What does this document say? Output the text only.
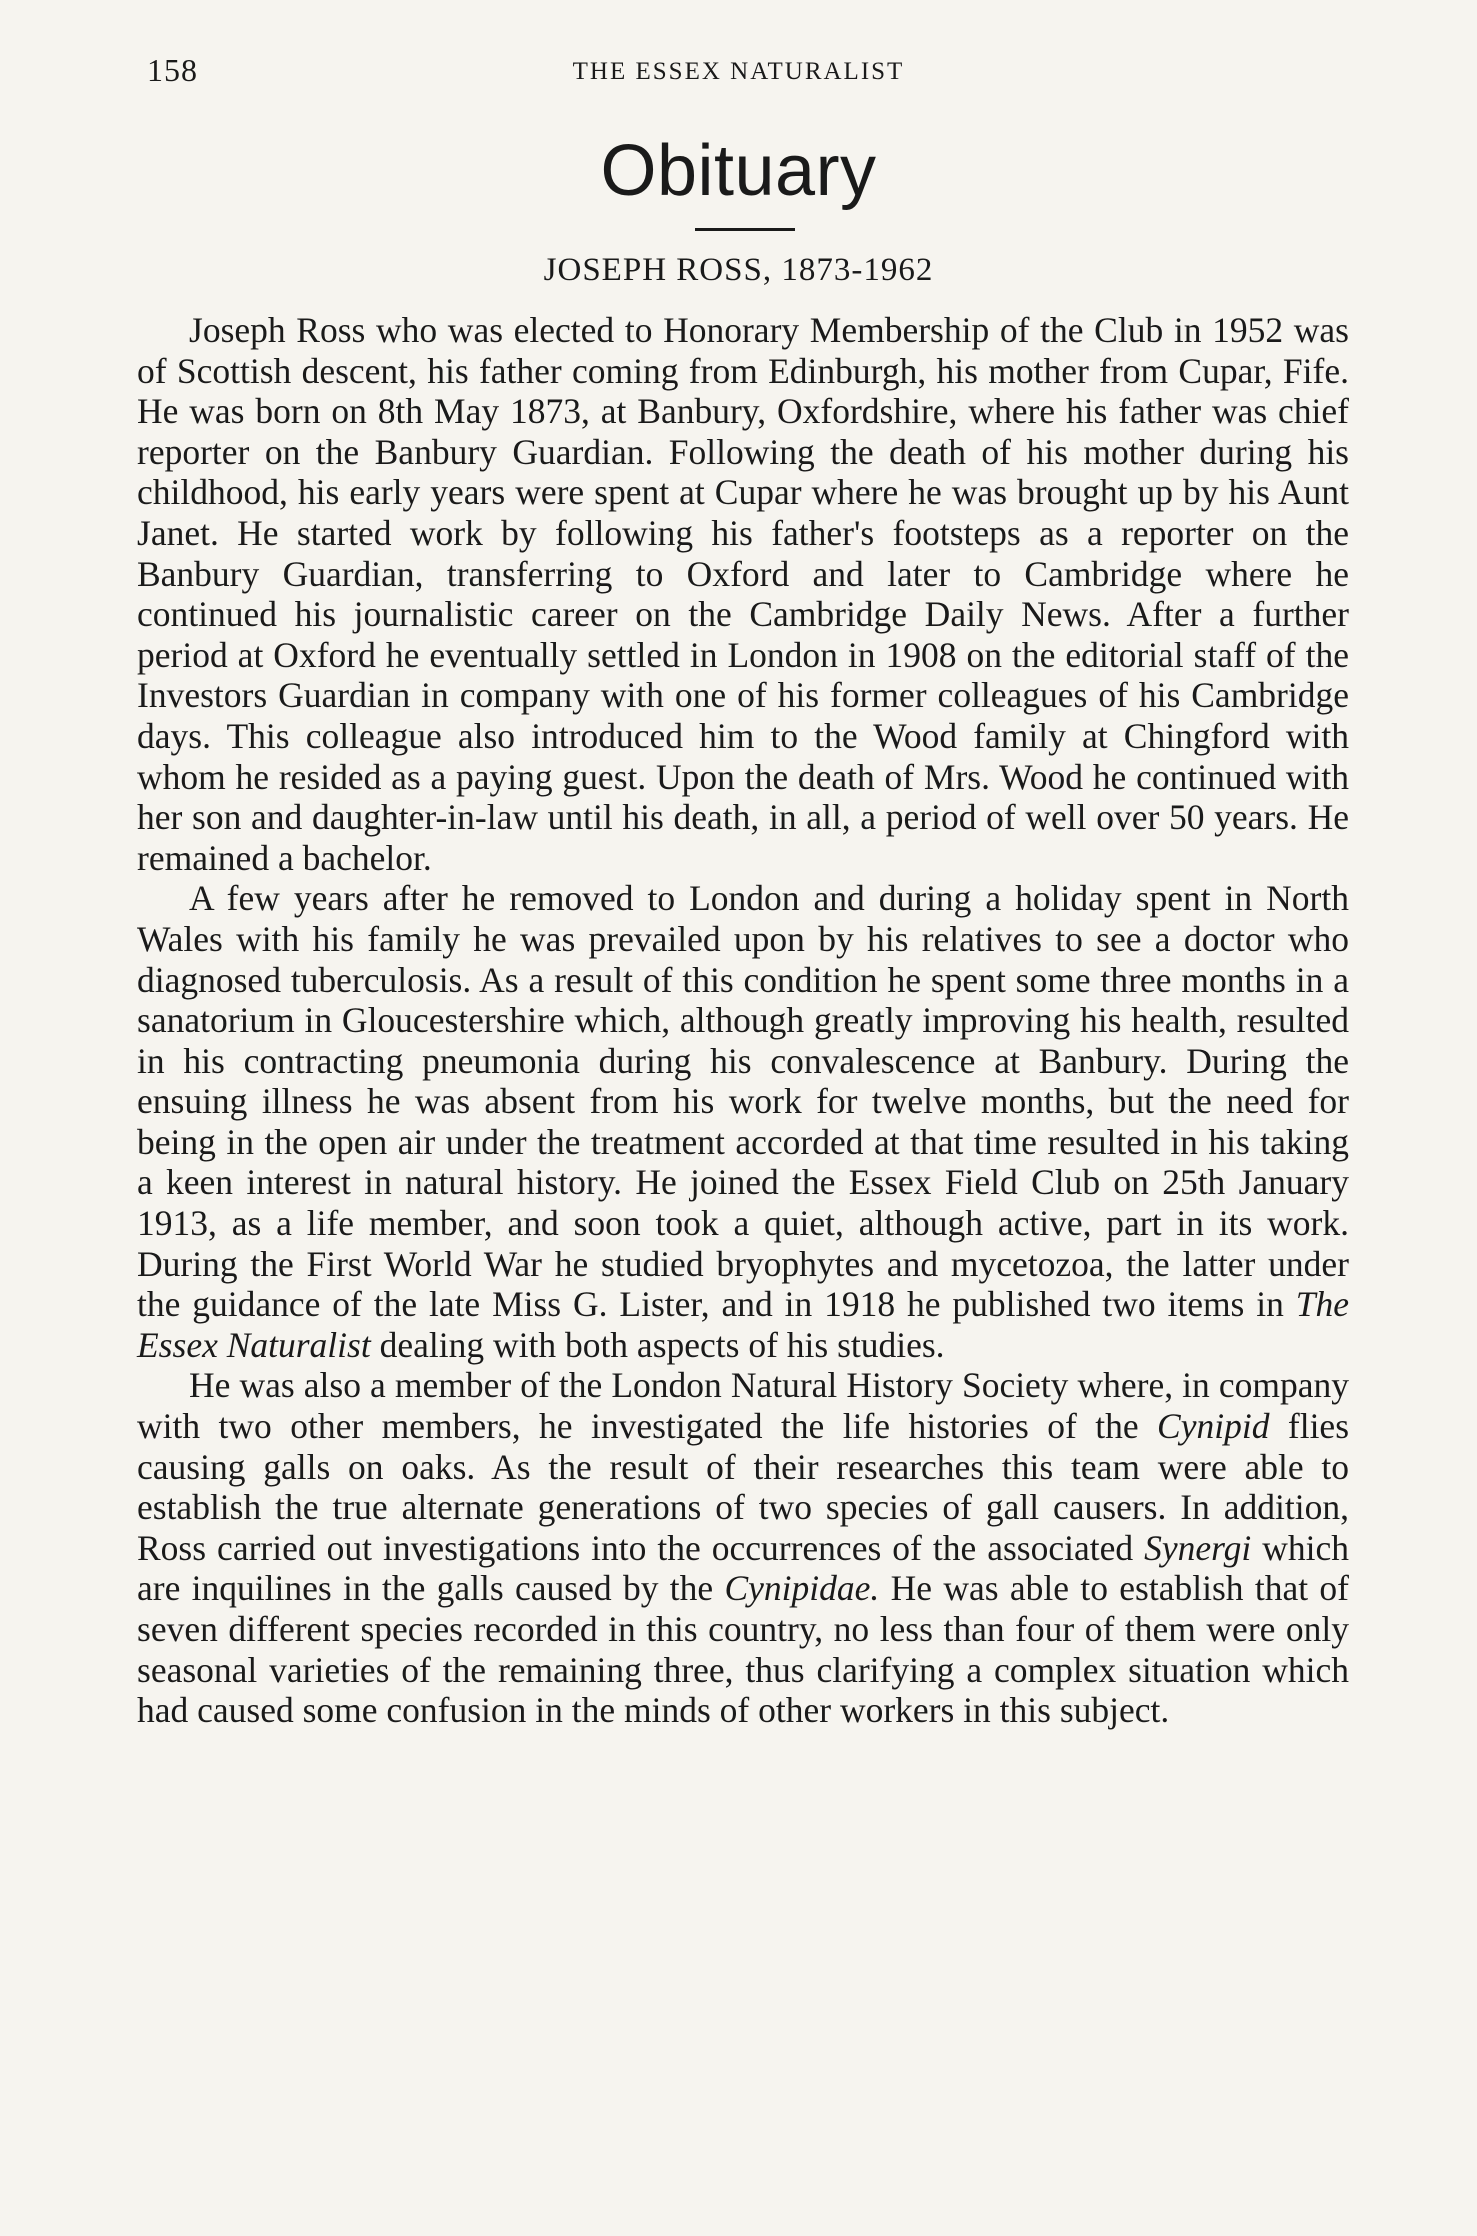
158	THE ESSEX NATURALIST
Obituary
JOSEPH ROSS, 1873-1962

Joseph Ross who was elected to Honorary Membership of the Club in 1952 was of Scottish descent, his father coming from Edinburgh, his mother from Cupar, Fife. He was born on 8th May 1873, at Banbury, Oxfordshire, where his father was chief reporter on the Banbury Guardian. Following the death of his mother during his childhood, his early years were spent at Cupar where he was brought up by his Aunt Janet. He started work by following his father's footsteps as a reporter on the Banbury Guardian, transferring to Oxford and later to Cambridge where he continued his journalistic career on the Cambridge Daily News. After a further period at Oxford he eventually settled in London in 1908 on the editorial staff of the Investors Guardian in company with one of his former colleagues of his Cambridge days. This colleague also introduced him to the Wood family at Chingford with whom he resided as a paying guest. Upon the death of Mrs. Wood he continued with her son and daughter-in-law until his death, in all, a period of well over 50 years. He remained a bachelor.

A few years after he removed to London and during a holiday spent in North Wales with his family he was prevailed upon by his relatives to see a doctor who diagnosed tuberculosis. As a result of this condition he spent some three months in a sanatorium in Gloucestershire which, although greatly improving his health, resulted in his contracting pneumonia during his convalescence at Banbury. During the ensuing illness he was absent from his work for twelve months, but the need for being in the open air under the treatment accorded at that time resulted in his taking a keen interest in natural history. He joined the Essex Field Club on 25th January 1913, as a life member, and soon took a quiet, although active, part in its work. During the First World War he studied bryophytes and mycetozoa, the latter under the guidance of the late Miss G. Lister, and in 1918 he published two items in The Essex Naturalist dealing with both aspects of his studies.

He was also a member of the London Natural History Society where, in company with two other members, he investigated the life histories of the Cynipid flies causing galls on oaks. As the result of their researches this team were able to establish the true alternate generations of two species of gall causers. In addition, Ross carried out investigations into the occurrences of the associated Synergi which are inquilines in the galls caused by the Cynipidae. He was able to establish that of seven different species recorded in this country, no less than four of them were only seasonal varieties of the remaining three, thus clarifying a complex situation which had caused some confusion in the minds of other workers in this subject.
